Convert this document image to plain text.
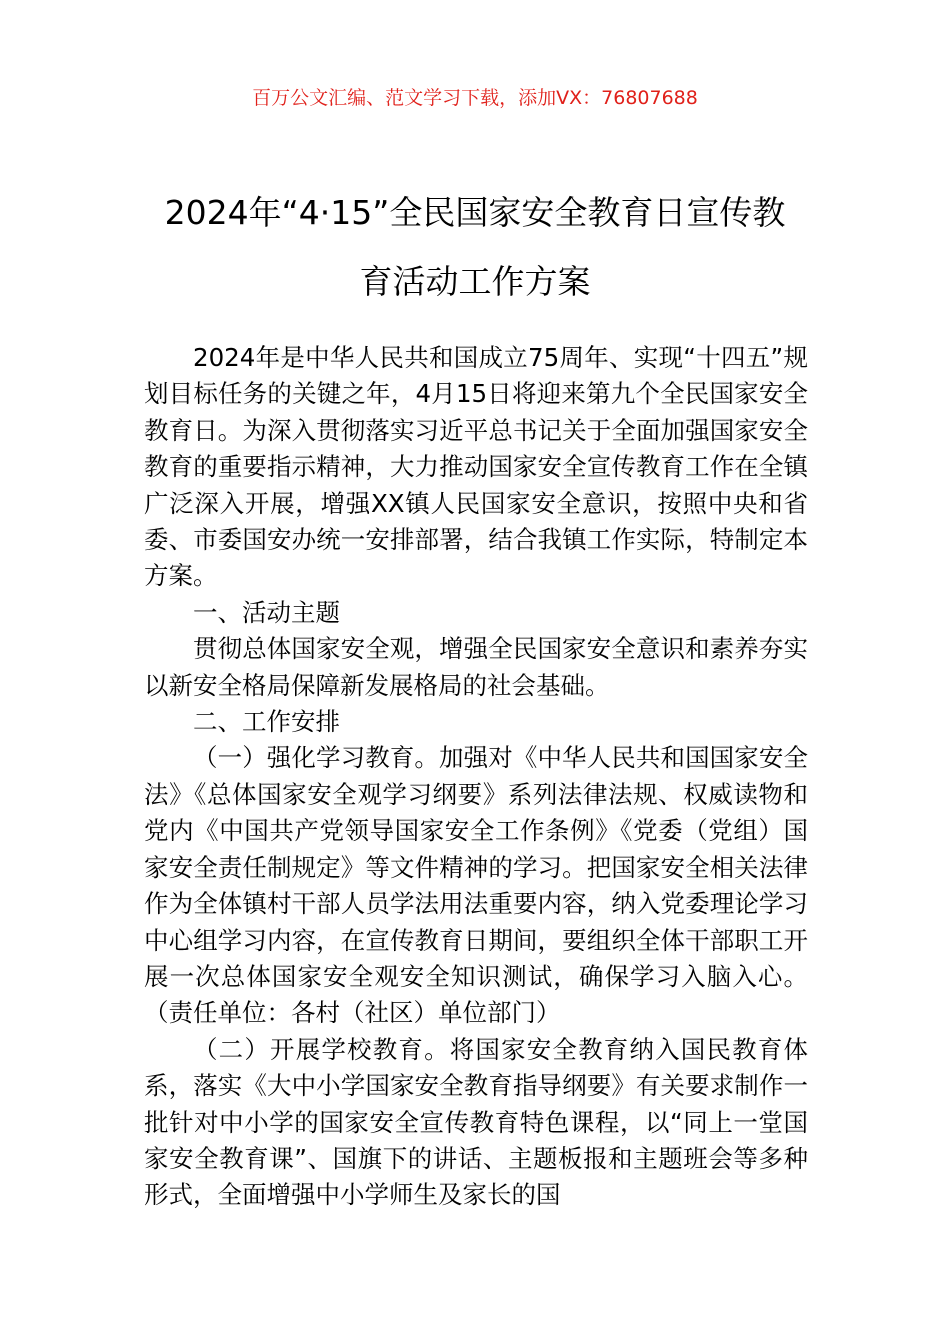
百万公文汇编、范文学习下载，添加VX：76807688
2024年“4·15”全民国家安全教育日宣传教
育活动工作方案

2024年是中华人民共和国成立75周年、实现“十四五”规划目标任务的关键之年，4月15日将迎来第九个全民国家安全教育日。为深入贯彻落实习近平总书记关于全面加强国家安全教育的重要指示精神，大力推动国家安全宣传教育工作在全镇广泛深入开展，增强XX镇人民国家安全意识，按照中央和省委、市委国安办统一安排部署，结合我镇工作实际，特制定本方案。

一、活动主题

贯彻总体国家安全观，增强全民国家安全意识和素养夯实以新安全格局保障新发展格局的社会基础。

二、工作安排

（一）强化学习教育。加强对《中华人民共和国国家安全法》《总体国家安全观学习纲要》系列法律法规、权威读物和党内《中国共产党领导国家安全工作条例》《党委（党组）国家安全责任制规定》等文件精神的学习。把国家安全相关法律作为全体镇村干部人员学法用法重要内容，纳入党委理论学习中心组学习内容，在宣传教育日期间，要组织全体干部职工开展一次总体国家安全观安全知识测试，确保学习入脑入心。（责任单位：各村（社区）单位部门）

（二）开展学校教育。将国家安全教育纳入国民教育体系，落实《大中小学国家安全教育指导纲要》有关要求制作一批针对中小学的国家安全宣传教育特色课程，以“同上一堂国家安全教育课”、国旗下的讲话、主题板报和主题班会等多种形式，全面增强中小学师生及家长的国
